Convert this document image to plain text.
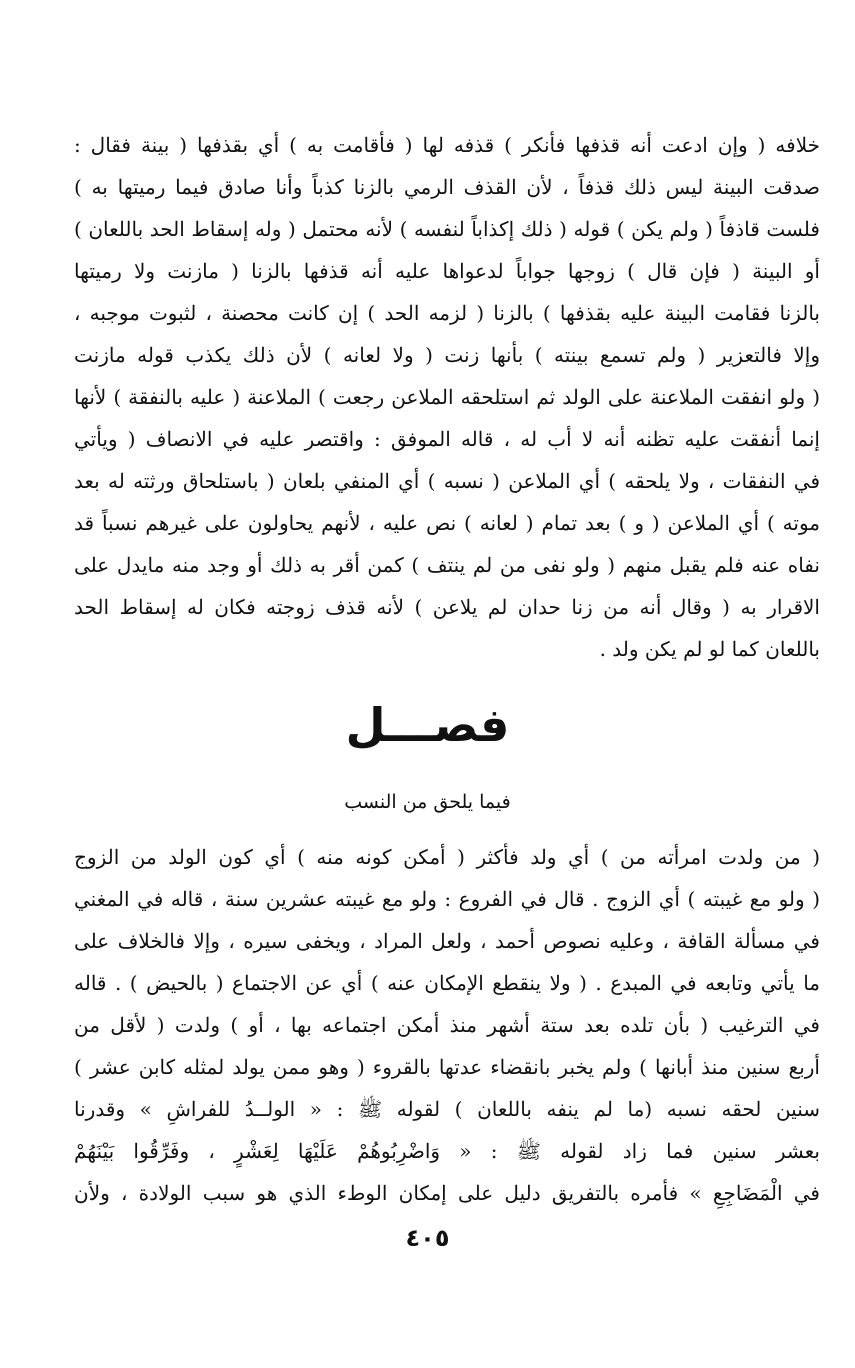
خلافه ( وإن ادعت أنه قذفها فأنكر ) قذفه لها ( فأقامت به ) أي بقذفها ( بينة فقال :
صدقت البينة ليس ذلك قذفاً ، لأن القذف الرمي بالزنا كذباً وأنا صادق فيما رميتها به )
فلست قاذفاً ( ولم يكن ) قوله ( ذلك إكذاباً لنفسه ) لأنه محتمل ( وله إسقاط الحد باللعان )
أو البينة ( فإن قال ) زوجها جواباً لدعواها عليه أنه قذفها بالزنا ( مازنت ولا رميتها
بالزنا فقامت البينة عليه بقذفها ) بالزنا ( لزمه الحد ) إن كانت محصنة ، لثبوت موجبه ،
وإلا فالتعزير ( ولم تسمع بينته ) بأنها زنت ( ولا لعانه ) لأن ذلك يكذب قوله مازنت
( ولو انفقت الملاعنة على الولد ثم استلحقه الملاعن رجعت ) الملاعنة ( عليه بالنفقة ) لأنها
إنما أنفقت عليه تظنه أنه لا أب له ، قاله الموفق : واقتصر عليه في الانصاف ( ويأتي
في النفقات ، ولا يلحقه ) أي الملاعن ( نسبه ) أي المنفي بلعان ( باستلحاق ورثته له بعد
موته ) أي الملاعن ( و ) بعد تمام ( لعانه ) نص عليه ، لأنهم يحاولون على غيرهم نسباً قد
نفاه عنه فلم يقبل منهم ( ولو نفى من لم ينتف ) كمن أقر به ذلك أو وجد منه مايدل على
الاقرار به ( وقال أنه من زنا حدان لم يلاعن ) لأنه قذف زوجته فكان له إسقاط الحد
باللعان كما لو لم يكن ولد .
فصـــل
فيما يلحق من النسب
( من ولدت امرأته من ) أي ولد فأكثر ( أمكن كونه منه ) أي كون الولد من الزوج
( ولو مع غيبته ) أي الزوج . قال في الفروع : ولو مع غيبته عشرين سنة ، قاله في المغني
في مسألة القافة ، وعليه نصوص أحمد ، ولعل المراد ، ويخفى سيره ، وإلا فالخلاف على
ما يأتي وتابعه في المبدع . ( ولا ينقطع الإمكان عنه ) أي عن الاجتماع ( بالحيض ) . قاله
في الترغيب ( بأن تلده بعد ستة أشهر منذ أمكن اجتماعه بها ، أو ) ولدت ( لأقل من
أربع سنين منذ أبانها ) ولم يخبر بانقضاء عدتها بالقروء ( وهو ممن يولد لمثله كابن عشر )
سنين لحقه نسبه (ما لم ينفه باللعان ) لقوله ﷺ : « الولــدُ للفراشِ » وقدرنا
بعشر سنين فما زاد لقوله ﷺ : « وَاضْرِبُوهُمْ عَلَيْهَا لِعَشْرٍ ، وفَرِّقُوا بَيْنَهُمْ
في الْمَضَاجِعِ » فأمره بالتفريق دليل على إمكان الوطء الذي هو سبب الولادة ، ولأن
٤٠٥
